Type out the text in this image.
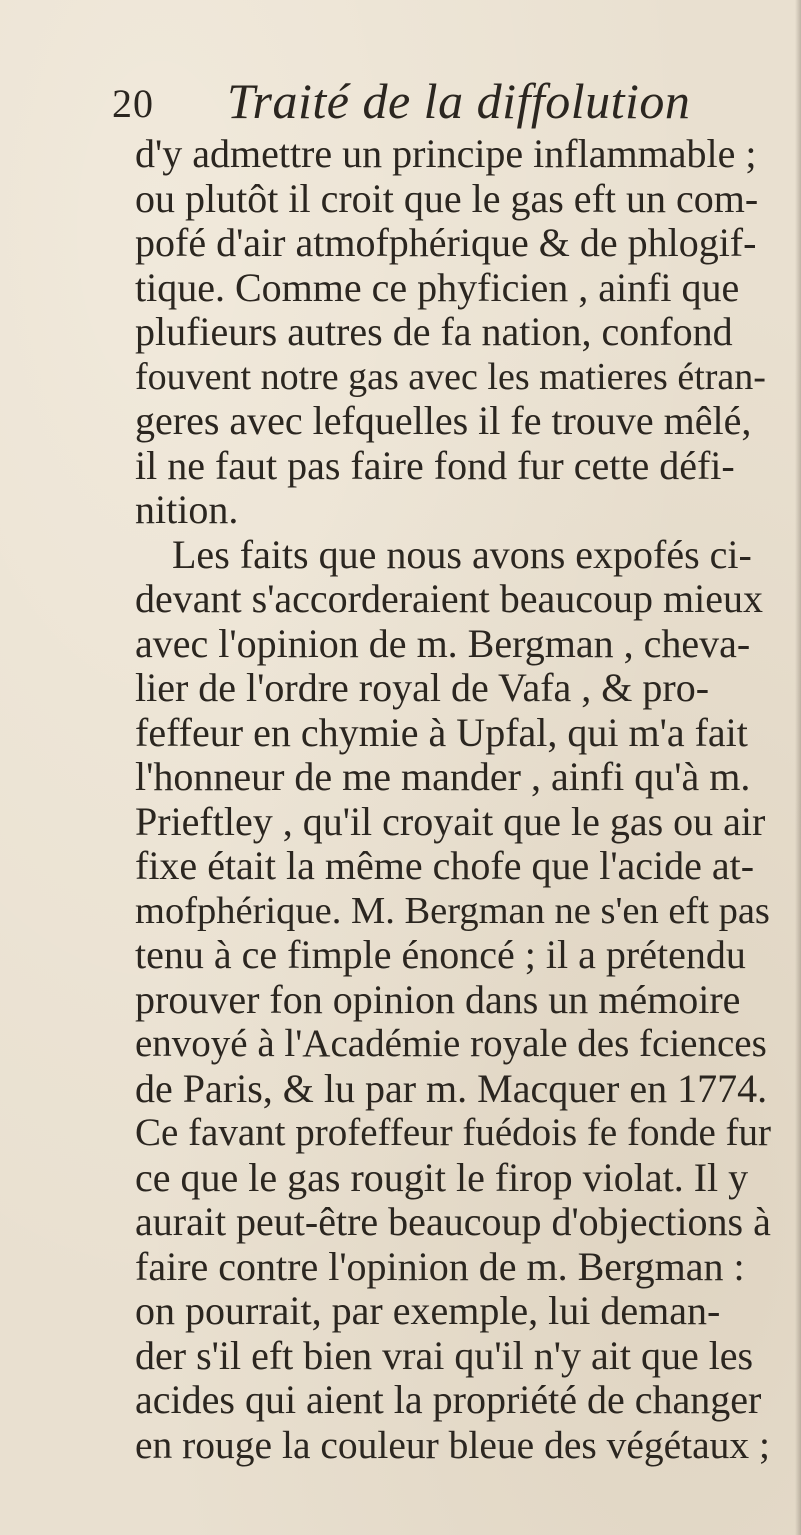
20 Traité de la diffolution
d'y admettre un principe inflammable ;
ou plutôt il croit que le gas eft un com-
pofé d'air atmofphérique & de phlogif-
tique. Comme ce phyficien , ainfi que
plufieurs autres de fa nation, confond
fouvent notre gas avec les matieres étran-
geres avec lefquelles il fe trouve mêlé,
il ne faut pas faire fond fur cette défi-
nition.
Les faits que nous avons expofés ci-
devant s'accorderaient beaucoup mieux
avec l'opinion de m. Bergman , cheva-
lier de l'ordre royal de Vafa , & pro-
feffeur en chymie à Upfal, qui m'a fait
l'honneur de me mander , ainfi qu'à m.
Prieftley , qu'il croyait que le gas ou air
fixe était la même chofe que l'acide at-
mofphérique. M. Bergman ne s'en eft pas
tenu à ce fimple énoncé ; il a prétendu
prouver fon opinion dans un mémoire
envoyé à l'Académie royale des fciences
de Paris, & lu par m. Macquer en 1774.
Ce favant profeffeur fuédois fe fonde fur
ce que le gas rougit le firop violat. Il y
aurait peut-être beaucoup d'objections à
faire contre l'opinion de m. Bergman :
on pourrait, par exemple, lui deman-
der s'il eft bien vrai qu'il n'y ait que les
acides qui aient la propriété de changer
en rouge la couleur bleue des végétaux ;
